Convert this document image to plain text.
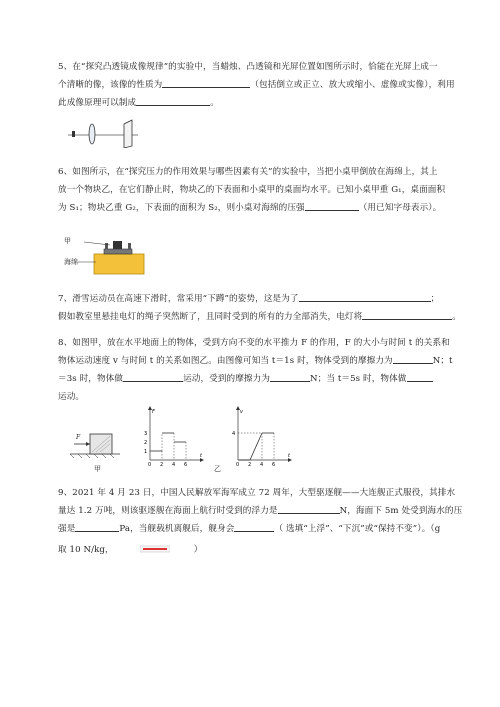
5、在“探究凸透镜成像规律”的实验中，当蜡烛、凸透镜和光屏位置如图所示时，恰能在光屏上成一
个清晰的像，该像的性质为	（包括倒立或正立、放大或缩小、虚像或实像），利用
此成像原理可以制成	。
6、如图所示，在“探究压力的作用效果与哪些因素有关”的实验中，当把小桌甲倒放在海绵上，其上
放一个物块乙，在它们静止时，物块乙的下表面和小桌甲的桌面均水平。已知小桌甲重 G₁，桌面面积
为 S₁；物块乙重 G₂，下表面的面积为 S₂，则小桌对海绵的压强	（用已知字母表示）。
甲
海绵
7、滑雪运动员在高速下滑时，常采用“下蹲”的姿势，这是为了	；
假如教室里悬挂电灯的绳子突然断了，且同时受到的所有的力全部消失，电灯将	。
8、如图甲，放在水平地面上的物体，受到方向不变的水平推力 F 的作用，F 的大小与时间 t 的关系和
物体运动速度 v 与时间 t 的关系如图乙。由图像可知当 t＝1s 时，物体受到的摩擦力为	N；t
＝3s 时，物体做	运动，受到的摩擦力为	N；当 t＝5s 时，物体做
运动。
F
甲
F
t
3
2
1
0 2 4 6
v
t
4
0 2 4 6
乙
9、2021 年 4 月 23 日，中国人民解放军海军成立 72 周年，大型驱逐舰——大连舰正式服役，其排水
量达 1.2 万吨，则该驱逐舰在海面上航行时受到的浮力是	N，海面下 5m 处受到海水的压
强是	Pa，当舰载机离舰后，舰身会	（ 选填“上浮”、“下沉”或“保持不变”）。（g
取 10 N/kg，	）
